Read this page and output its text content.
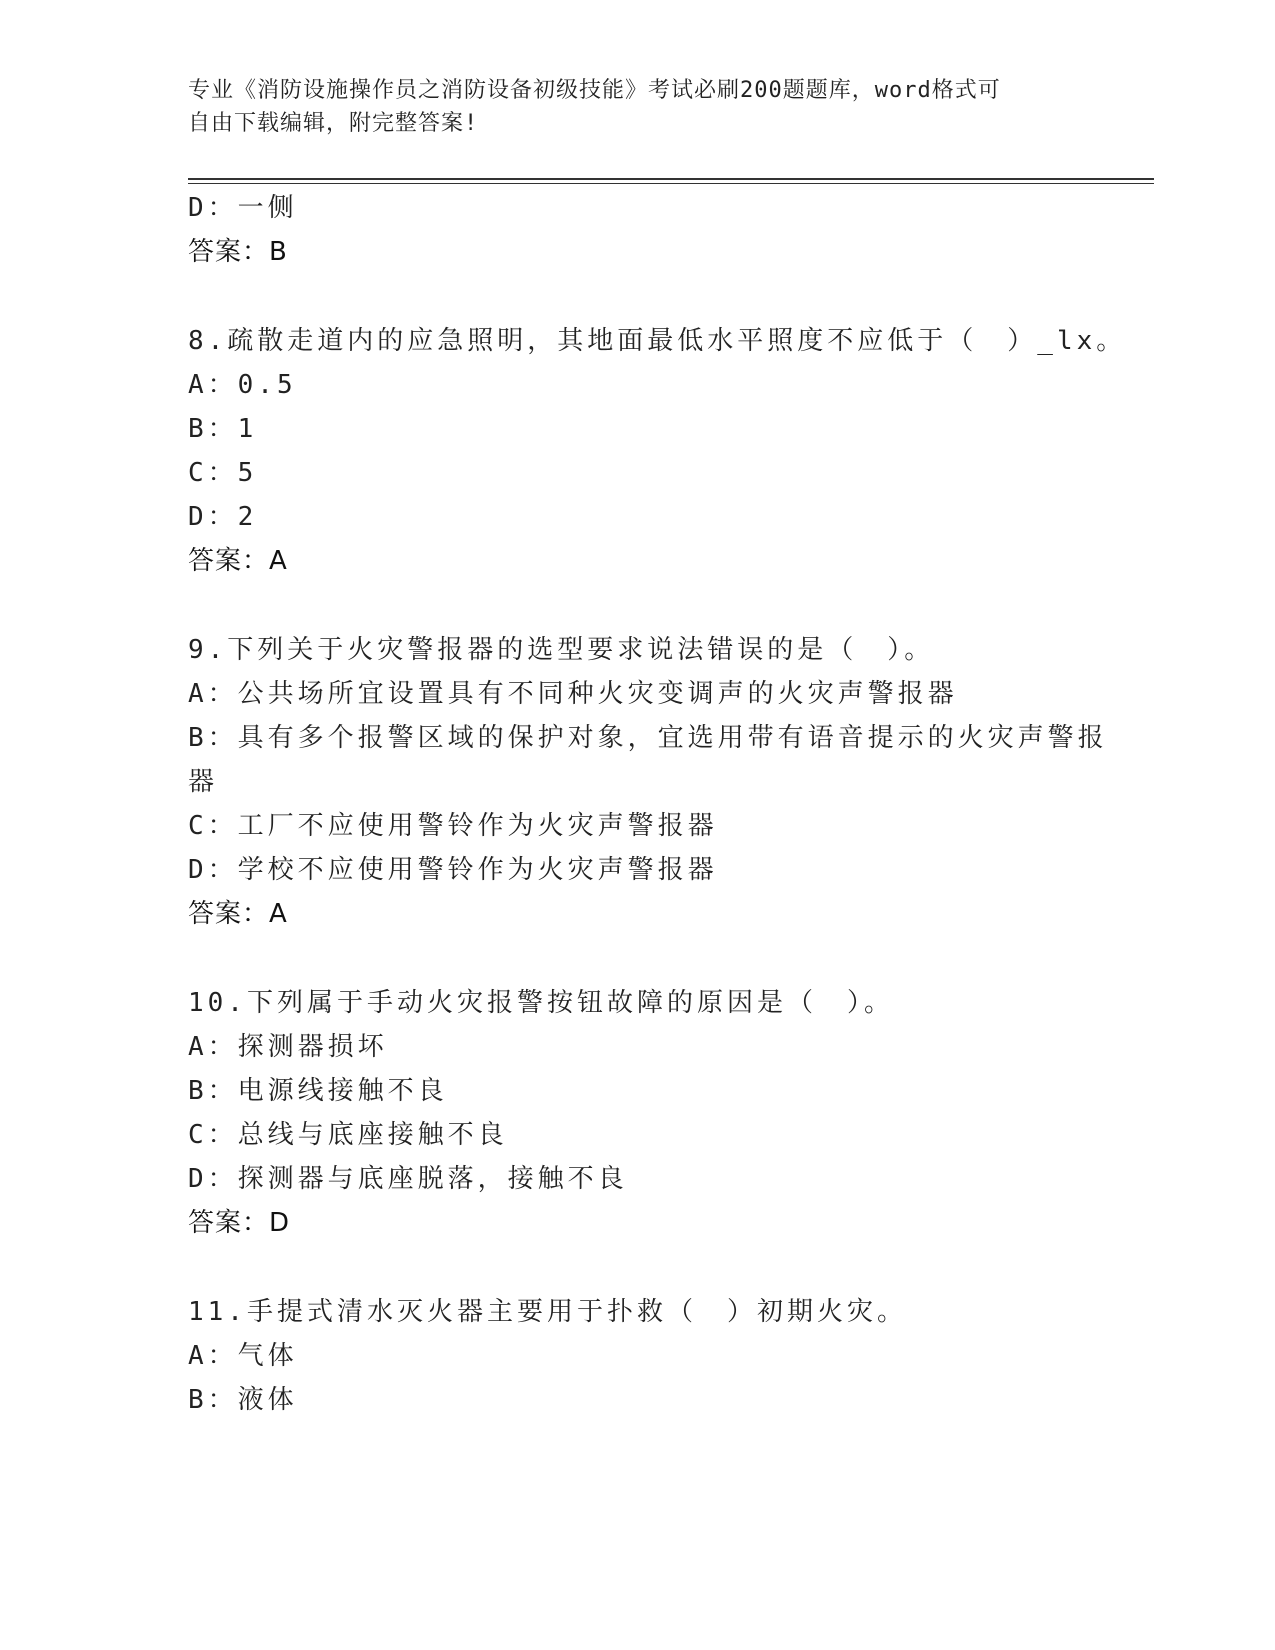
专业《消防设施操作员之消防设备初级技能》考试必刷200题题库，word格式可
自由下载编辑，附完整答案!
D：一侧
答案：B
8.疏散走道内的应急照明，其地面最低水平照度不应低于（　）_lx。
A：0.5
B：1
C：5
D：2
答案：A
9.下列关于火灾警报器的选型要求说法错误的是（　）。
A：公共场所宜设置具有不同种火灾变调声的火灾声警报器
B：具有多个报警区域的保护对象，宜选用带有语音提示的火灾声警报
器
C：工厂不应使用警铃作为火灾声警报器
D：学校不应使用警铃作为火灾声警报器
答案：A
10.下列属于手动火灾报警按钮故障的原因是（　）。
A：探测器损坏
B：电源线接触不良
C：总线与底座接触不良
D：探测器与底座脱落，接触不良
答案：D
11.手提式清水灭火器主要用于扑救（　）初期火灾。
A：气体
B：液体
